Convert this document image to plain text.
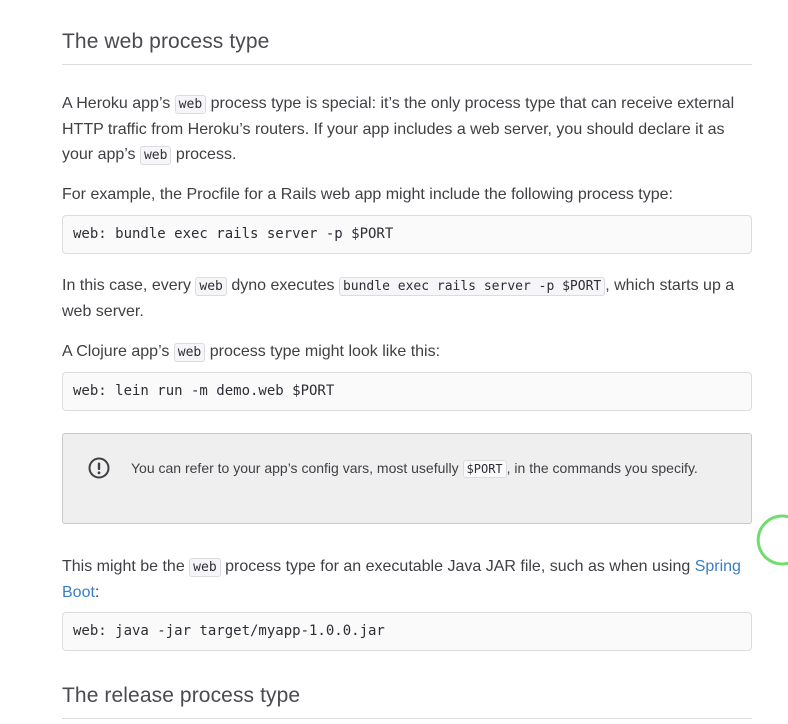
The web process type

A Heroku app’s web process type is special: it’s the only process type that can receive external HTTP traffic from Heroku’s routers. If your app includes a web server, you should declare it as your app’s web process.

For example, the Procfile for a Rails web app might include the following process type:

web: bundle exec rails server -p $PORT

In this case, every web dyno executes bundle exec rails server -p $PORT , which starts up a web server.

A Clojure app’s web process type might look like this:

web: lein run -m demo.web $PORT
You can refer to your app’s config vars, most usefully $PORT , in the commands you specify.

This might be the web process type for an executable Java JAR file, such as when using Spring Boot:

web: java -jar target/myapp-1.0.0.jar
The release process type
